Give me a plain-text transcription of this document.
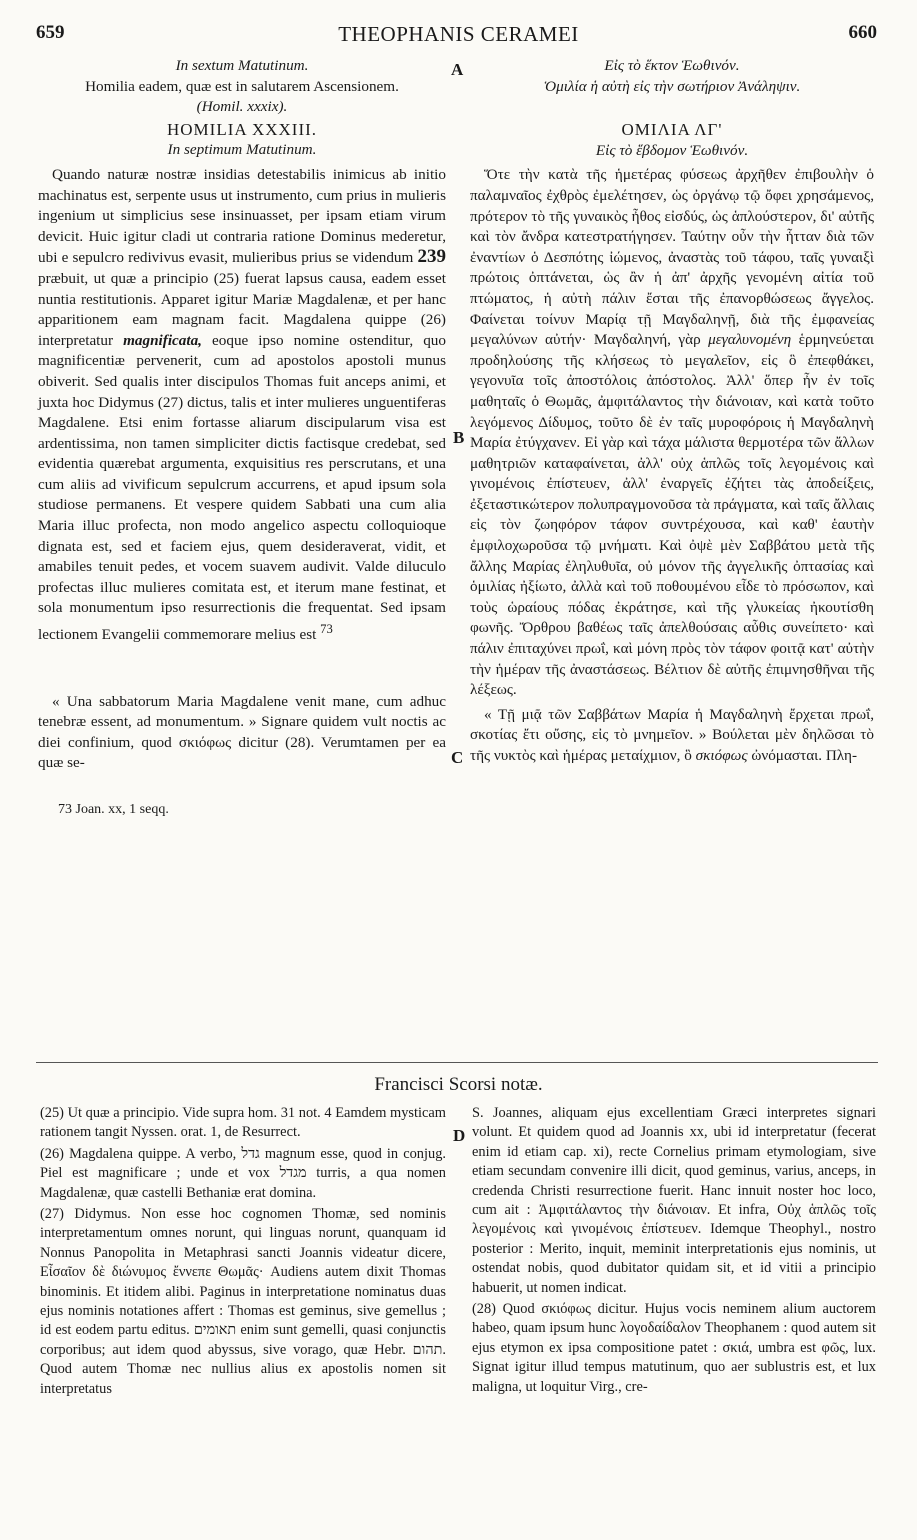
659	THEOPHANIS CERAMEI	660
A
B
C
D
In sextum Matutinum.
Homilia eadem, quæ est in salutarem Ascensionem.
(Homil. xxxix).
HOMILIA XXXIII.
In septimum Matutinum.

Quando naturæ nostræ insidias detestabilis inimicus ab initio machinatus est, serpente usus ut instrumento, cum prius in mulieris ingenium ut simplicius sese insinuasset, per ipsam etiam virum devicit. Huic igitur cladi ut contraria ratione Dominus mederetur, ubi e sepulcro redivivus evasit, mulieribus prius se videndum 239 præbuit, ut quæ a principio (25) fuerat lapsus causa, eadem esset nuntia restitutionis. Apparet igitur Mariæ Magdalenæ, et per hanc apparitionem eam magnam facit. Magdalena quippe (26) interpretatur magnificata, eoque ipso nomine ostenditur, quo magnificentiæ pervenerit, cum ad apostolos apostoli munus obiverit. Sed qualis inter discipulos Thomas fuit anceps animi, et juxta hoc Didymus (27) dictus, talis et inter mulieres unguentiferas Magdalene. Etsi enim fortasse aliarum discipularum visa est ardentissima, non tamen simpliciter dictis factisque credebat, sed evidentia quærebat argumenta, exquisitius res perscrutans, et una cum aliis ad vivificum sepulcrum accurrens, et apud ipsum sola studiose permanens. Et vespere quidem Sabbati una cum alia Maria illuc profecta, non modo angelico aspectu colloquioque dignata est, sed et faciem ejus, quem desideraverat, vidit, et amabiles tenuit pedes, et vocem suavem audivit. Valde diluculo profectas illuc mulieres comitata est, et iterum mane festinat, et sola monumentum ipso resurrectionis die frequentat. Sed ipsam lectionem Evangelii commemorare melius est $^{73}$

« Una sabbatorum Maria Magdalene venit mane, cum adhuc tenebræ essent, ad monumentum. » Signare quidem vult noctis ac diei confinium, quod σκιόφως dicitur (28). Verumtamen per ea quæ se-

73 Joan. xx, 1 seqq.
Εἰς τὸ ἕκτον Ἑωθινόν.
Ὁμιλία ἡ αὐτὴ εἰς τὴν σωτήριον Ἀνάληψιν.
ΟΜΙΛΙΑ ΛΓ'
Εἰς τὸ ἕβδομον Ἑωθινόν.

Ὅτε τὴν κατὰ τῆς ἡμετέρας φύσεως ἀρχῆθεν ἐπιβουλὴν ὁ παλαμναῖος ἐχθρὸς ἐμελέτησεν, ὡς ὀργάνῳ τῷ ὄφει χρησάμενος, πρότερον τὸ τῆς γυναικὸς ἦθος εἰσδύς, ὡς ἁπλούστερον, δι' αὐτῆς καὶ τὸν ἄνδρα κατεστρατήγησεν. Ταύτην οὖν τὴν ἧτταν διὰ τῶν ἐναντίων ὁ Δεσπότης ἰώμενος, ἀναστὰς τοῦ τάφου, ταῖς γυναιξὶ πρώτοις ὀπτάνεται, ὡς ἂν ἡ ἀπ' ἀρχῆς γενομένη αἰτία τοῦ πτώματος, ἡ αὐτὴ πάλιν ἔσται τῆς ἐπανορθώσεως ἄγγελος. Φαίνεται τοίνυν Μαρίᾳ τῇ Μαγδαληνῇ, διὰ τῆς ἐμφανείας μεγαλύνων αὐτήν· Μαγδαληνή, γὰρ μεγαλυνομένη ἑρμηνεύεται προδηλούσης τῆς κλήσεως τὸ μεγαλεῖον, εἰς ὃ ἐπεφθάκει, γεγονυῖα τοῖς ἀποστόλοις ἀπόστολος. Ἀλλ' ὅπερ ἦν ἐν τοῖς μαθηταῖς ὁ Θωμᾶς, ἀμφιτάλαντος τὴν διάνοιαν, καὶ κατὰ τοῦτο λεγόμενος Δίδυμος, τοῦτο δὲ ἐν ταῖς μυροφόροις ἡ Μαγδαληνὴ Μαρία ἐτύγχανεν. Εἰ γὰρ καὶ τάχα μάλιστα θερμοτέρα τῶν ἄλλων μαθητριῶν καταφαίνεται, ἀλλ' οὐχ ἁπλῶς τοῖς λεγομένοις καὶ γινομένοις ἐπίστευεν, ἀλλ' ἐναργεῖς ἐζήτει τὰς ἀποδείξεις, ἐξεταστικώτερον πολυπραγμονοῦσα τὰ πράγματα, καὶ ταῖς ἄλλαις εἰς τὸν ζωηφόρον τάφον συντρέχουσα, καὶ καθ' ἑαυτὴν ἐμφιλοχωροῦσα τῷ μνήματι. Καὶ ὀψὲ μὲν Σαββάτου μετὰ τῆς ἄλλης Μαρίας ἐληλυθυῖα, οὐ μόνον τῆς ἀγγελικῆς ὀπτασίας καὶ ὁμιλίας ἠξίωτο, ἀλλὰ καὶ τοῦ ποθουμένου εἶδε τὸ πρόσωπον, καὶ τοὺς ὡραίους πόδας ἐκράτησε, καὶ τῆς γλυκείας ἠκουτίσθη φωνῆς. Ὄρθρου βαθέως ταῖς ἀπελθούσαις αὖθις συνείπετο· καὶ πάλιν ἐπιταχύνει πρωΐ, καὶ μόνη πρὸς τὸν τάφον φοιτᾷ κατ' αὐτὴν τὴν ἡμέραν τῆς ἀναστάσεως. Βέλτιον δὲ αὐτῆς ἐπιμνησθῆναι τῆς λέξεως.

« Τῇ μιᾷ τῶν Σαββάτων Μαρία ἡ Μαγδαληνὴ ἔρχεται πρωΐ, σκοτίας ἔτι οὔσης, εἰς τὸ μνημεῖον. » Βούλεται μὲν δηλῶσαι τὸ τῆς νυκτὸς καὶ ἡμέρας μεταίχμιον, ὃ σκιόφως ὠνόμασται. Πλη-

Francisci Scorsi notæ.

(25) Ut quæ a principio. Vide supra hom. 31 not. 4 Eamdem mysticam rationem tangit Nyssen. orat. 1, de Resurrect.

(26) Magdalena quippe. A verbo, גדל magnum esse, quod in conjug. Piel est magnificare ; unde et vox מגדל turris, a qua nomen Magdalenæ, quæ castelli Bethaniæ erat domina.

(27) Didymus. Non esse hoc cognomen Thomæ, sed nominis interpretamentum omnes norunt, qui linguas norunt, quanquam id Nonnus Panopolita in Metaphrasi sancti Joannis videatur dicere, Εἶσαῖον δὲ διώνυμος ἔννεπε Θωμᾶς· Audiens autem dixit Thomas binominis. Et itidem alibi. Paginus in interpretatione nominatus duas ejus nominis notationes affert : Thomas est geminus, sive gemellus ; id est eodem partu editus. תאומים enim sunt gemelli, quasi conjunctis corporibus; aut idem quod abyssus, sive vorago, quæ Hebr. תהום. Quod autem Thomæ nec nullius alius ex apostolis nomen sit interpretatus

S. Joannes, aliquam ejus excellentiam Græci interpretes signari volunt. Et quidem quod ad Joannis xx, ubi id interpretatur (fecerat enim id etiam cap. xi), recte Cornelius primam etymologiam, sive etiam secundam convenire illi dicit, quod geminus, varius, anceps, in credenda Christi resurrectione fuerit. Hanc innuit noster hoc loco, cum ait : Ἀμφιτάλαντος τὴν διάνοιαν. Et infra, Οὐχ ἁπλῶς τοῖς λεγομένοις καὶ γινομένοις ἐπίστευεν. Idemque Theophyl., nostro posterior : Merito, inquit, meminit interpretationis ejus nominis, ut ostendat nobis, quod dubitator quidam sit, et id vitii a principio habuerit, ut nomen indicat.

(28) Quod σκιόφως dicitur. Hujus vocis neminem alium auctorem habeo, quam ipsum hunc λογοδαίδαλον Theophanem : quod autem sit ejus etymon ex ipsa compositione patet : σκιά, umbra est φῶς, lux. Signat igitur illud tempus matutinum, quo aer sublustris est, et lux maligna, ut loquitur Virg., cre-
